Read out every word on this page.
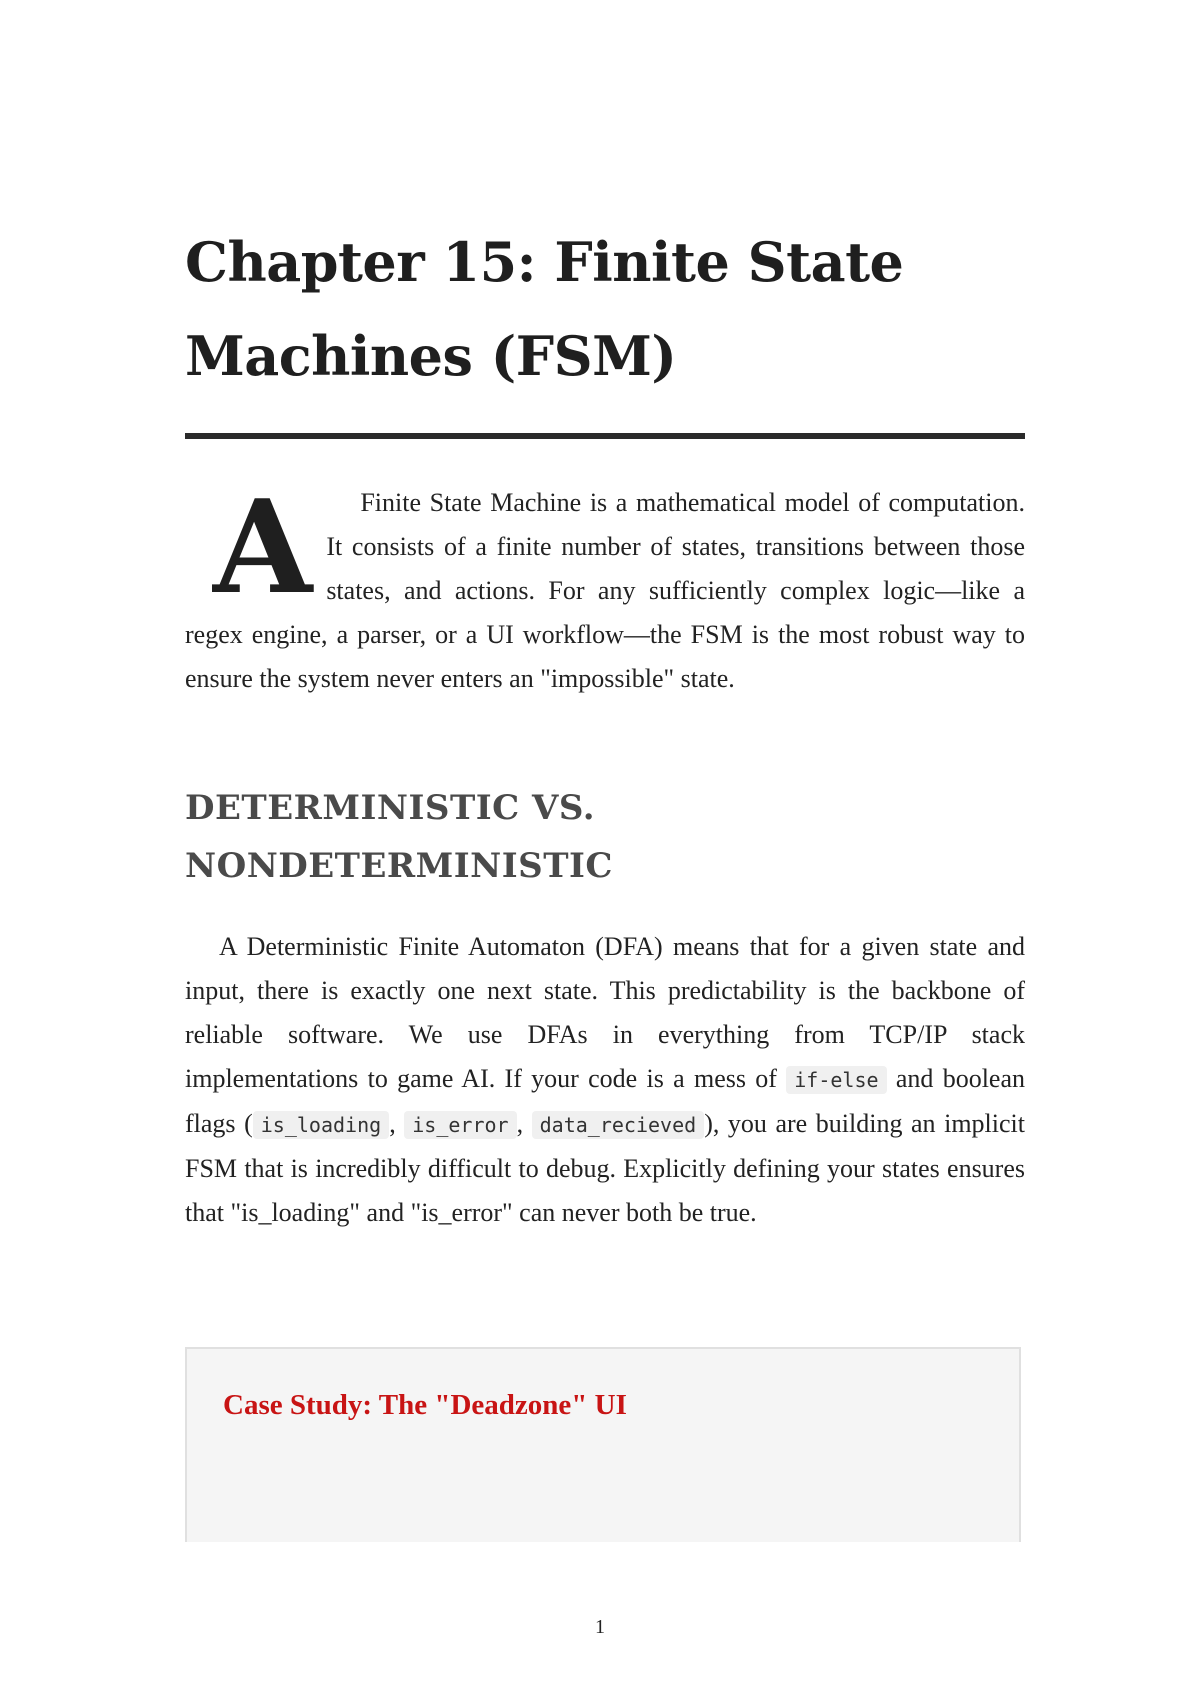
Chapter 15: Finite State
Machines (FSM)

A Finite State Machine is a mathematical model of computation. It consists of a finite number of states, transitions between those states, and actions. For any sufficiently complex logic—like a regex engine, a parser, or a UI workflow—the FSM is the most robust way to ensure the system never enters an "impossible" state.

DETERMINISTIC VS.
NONDETERMINISTIC

A Deterministic Finite Automaton (DFA) means that for a given state and input, there is exactly one next state. This predictability is the backbone of reliable software. We use DFAs in everything from TCP/IP stack implementations to game AI. If your code is a mess of if-else and boolean flags ( is_loading , is_error , data_recieved ), you are building an implicit FSM that is incredibly difficult to debug. Explicitly defining your states ensures that "is_loading" and "is_error" can never both be true.

Case Study: The "Deadzone" UI
1
